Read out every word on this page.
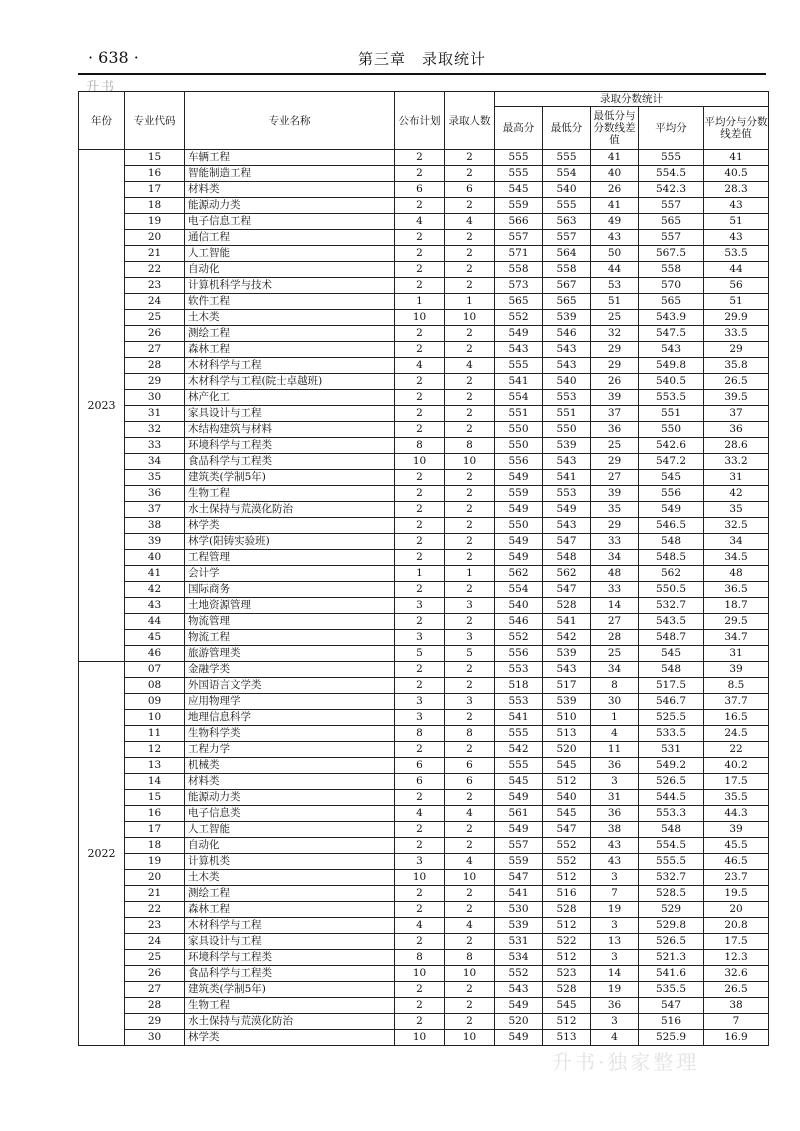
· 638 ·	第三章　录取统计
升书
年份	专业代码	专业名称	公布计划	录取人数	录取分数统计				
					最高分	最低分	最低分与分数线差值	平均分	平均分与分数线差值
2023	15	车辆工程	2	2	555	555	41	555	41
	16	智能制造工程	2	2	555	554	40	554.5	40.5
	17	材料类	6	6	545	540	26	542.3	28.3
	18	能源动力类	2	2	559	555	41	557	43
	19	电子信息工程	4	4	566	563	49	565	51
	20	通信工程	2	2	557	557	43	557	43
	21	人工智能	2	2	571	564	50	567.5	53.5
	22	自动化	2	2	558	558	44	558	44
	23	计算机科学与技术	2	2	573	567	53	570	56
	24	软件工程	1	1	565	565	51	565	51
	25	土木类	10	10	552	539	25	543.9	29.9
	26	测绘工程	2	2	549	546	32	547.5	33.5
	27	森林工程	2	2	543	543	29	543	29
	28	木材科学与工程	4	4	555	543	29	549.8	35.8
	29	木材科学与工程(院士卓越班)	2	2	541	540	26	540.5	26.5
	30	林产化工	2	2	554	553	39	553.5	39.5
	31	家具设计与工程	2	2	551	551	37	551	37
	32	木结构建筑与材料	2	2	550	550	36	550	36
	33	环境科学与工程类	8	8	550	539	25	542.6	28.6
	34	食品科学与工程类	10	10	556	543	29	547.2	33.2
	35	建筑类(学制5年)	2	2	549	541	27	545	31
	36	生物工程	2	2	559	553	39	556	42
	37	水土保持与荒漠化防治	2	2	549	549	35	549	35
	38	林学类	2	2	550	543	29	546.5	32.5
	39	林学(阳铸实验班)	2	2	549	547	33	548	34
	40	工程管理	2	2	549	548	34	548.5	34.5
	41	会计学	1	1	562	562	48	562	48
	42	国际商务	2	2	554	547	33	550.5	36.5
	43	土地资源管理	3	3	540	528	14	532.7	18.7
	44	物流管理	2	2	546	541	27	543.5	29.5
	45	物流工程	3	3	552	542	28	548.7	34.7
	46	旅游管理类	5	5	556	539	25	545	31
2022	07	金融学类	2	2	553	543	34	548	39
	08	外国语言文学类	2	2	518	517	8	517.5	8.5
	09	应用物理学	3	3	553	539	30	546.7	37.7
	10	地理信息科学	3	2	541	510	1	525.5	16.5
	11	生物科学类	8	8	555	513	4	533.5	24.5
	12	工程力学	2	2	542	520	11	531	22
	13	机械类	6	6	555	545	36	549.2	40.2
	14	材料类	6	6	545	512	3	526.5	17.5
	15	能源动力类	2	2	549	540	31	544.5	35.5
	16	电子信息类	4	4	561	545	36	553.3	44.3
	17	人工智能	2	2	549	547	38	548	39
	18	自动化	2	2	557	552	43	554.5	45.5
	19	计算机类	3	4	559	552	43	555.5	46.5
	20	土木类	10	10	547	512	3	532.7	23.7
	21	测绘工程	2	2	541	516	7	528.5	19.5
	22	森林工程	2	2	530	528	19	529	20
	23	木材科学与工程	4	4	539	512	3	529.8	20.8
	24	家具设计与工程	2	2	531	522	13	526.5	17.5
	25	环境科学与工程类	8	8	534	512	3	521.3	12.3
	26	食品科学与工程类	10	10	552	523	14	541.6	32.6
	27	建筑类(学制5年)	2	2	543	528	19	535.5	26.5
	28	生物工程	2	2	549	545	36	547	38
	29	水土保持与荒漠化防治	2	2	520	512	3	516	7
	30	林学类	10	10	549	513	4	525.9	16.9
升书·独家整理
